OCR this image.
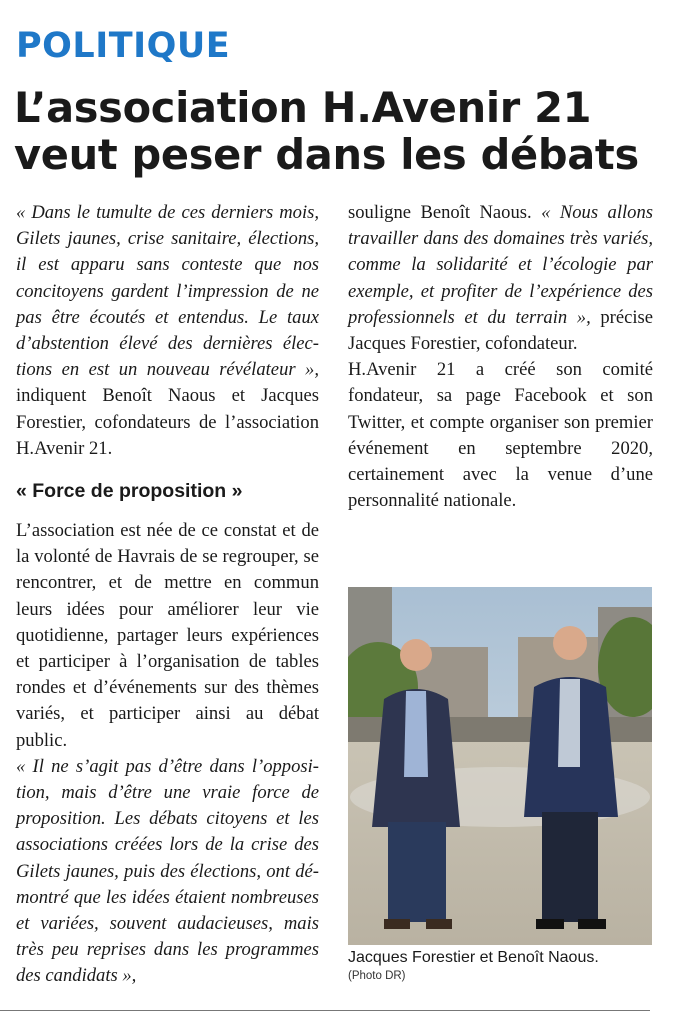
POLITIQUE
L’association H.Avenir 21
veut peser dans les débats

« Dans le tumulte de ces derniers mois, Gilets jaunes, crise sanitaire, élections, il est apparu sans conteste que nos concitoyens gardent l’impression de ne pas être écoutés et entendus. Le taux d’abstention élevé des dernières élections en est un nouveau révélateur », indiquent Benoît Naous et Jacques Forestier, cofondateurs de l’association H.Avenir 21.

« Force de proposition »

L’association est née de ce constat et de la volonté de Havrais de se regrouper, se rencontrer, et de mettre en commun leurs idées pour améliorer leur vie quotidienne, partager leurs expériences et participer à l’organisation de tables rondes et d’événements sur des thèmes variés, et participer ainsi au débat public.

« Il ne s’agit pas d’être dans l’opposition, mais d’être une vraie force de proposition. Les débats citoyens et les associations créées lors de la crise des Gilets jaunes, puis des élections, ont démontré que les idées étaient nombreuses et variées, souvent audacieuses, mais très peu reprises dans les programmes des candidats »,

souligne Benoît Naous. « Nous allons travailler dans des domaines très variés, comme la solidarité et l’écologie par exemple, et profiter de l’expérience des professionnels et du terrain », précise Jacques Forestier, cofondateur.

H.Avenir 21 a créé son comité fondateur, sa page Facebook et son Twitter, et compte organiser son premier événement en septembre 2020, certainement avec la venue d’une personnalité nationale.

Jacques Forestier et Benoît Naous.
(Photo DR)
